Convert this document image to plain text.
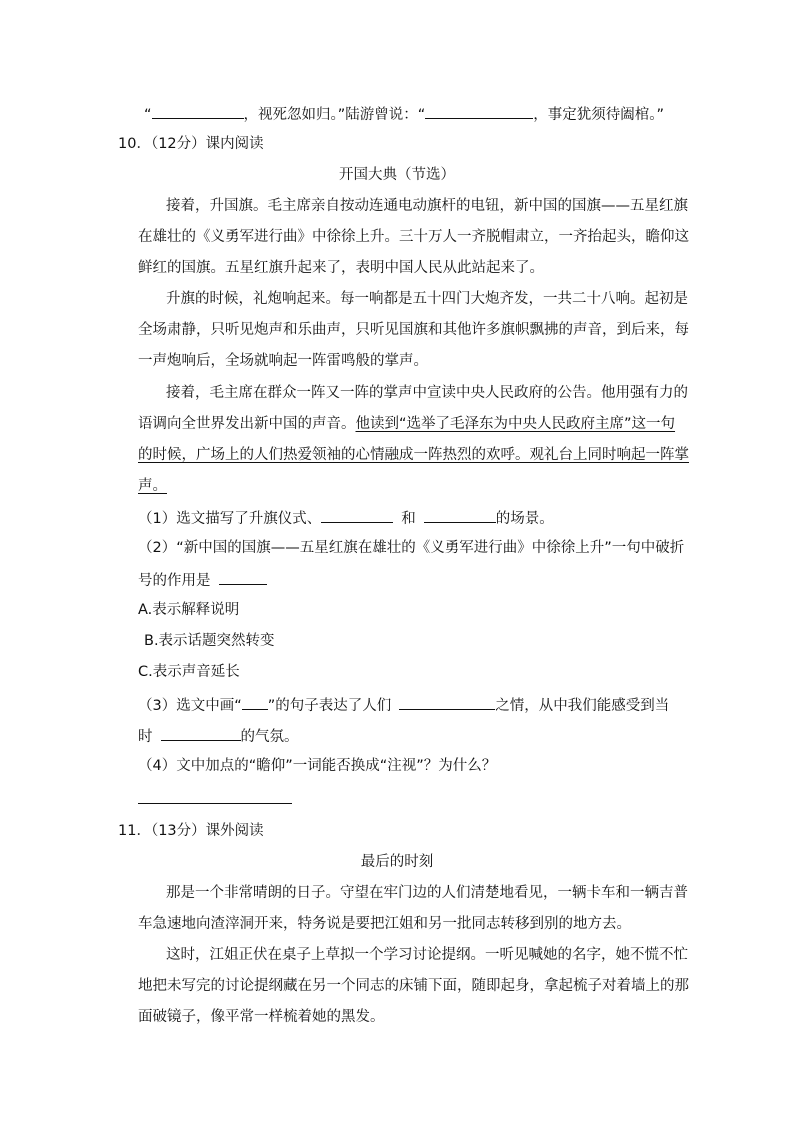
“	，视死忽如归。”陆游曾说：“	，事定犹须待阖棺。”
10．（12分）课内阅读
开国大典（节选）
接着，升国旗。毛主席亲自按动连通电动旗杆的电钮，新中国的国旗——五星红旗
在雄壮的《义勇军进行曲》中徐徐上升。三十万人一齐脱帽肃立，一齐抬起头，瞻仰这
鲜红的国旗。五星红旗升起来了，表明中国人民从此站起来了。
升旗的时候，礼炮响起来。每一响都是五十四门大炮齐发，一共二十八响。起初是
全场肃静，只听见炮声和乐曲声，只听见国旗和其他许多旗帜飘拂的声音，到后来，每
一声炮响后，全场就响起一阵雷鸣般的掌声。
接着，毛主席在群众一阵又一阵的掌声中宣读中央人民政府的公告。他用强有力的
语调向全世界发出新中国的声音。他读到“选举了毛泽东为中央人民政府主席”这一句
的时候，广场上的人们热爱领袖的心情融成一阵热烈的欢呼。观礼台上同时响起一阵掌
声。
（1）选文描写了升旗仪式、	和	的场景。
（2）“新中国的国旗——五星红旗在雄壮的《义勇军进行曲》中徐徐上升”一句中破折
号的作用是
A.表示解释说明
B.表示话题突然转变
C.表示声音延长
（3）选文中画“ ”的句子表达了人们	之情，从中我们能感受到当
时	的气氛。
（4）文中加点的“瞻仰”一词能否换成“注视”？为什么？
11．（13分）课外阅读
最后的时刻
那是一个非常晴朗的日子。守望在牢门边的人们清楚地看见，一辆卡车和一辆吉普
车急速地向渣滓洞开来，特务说是要把江姐和另一批同志转移到别的地方去。
这时，江姐正伏在桌子上草拟一个学习讨论提纲。一听见喊她的名字，她不慌不忙
地把未写完的讨论提纲藏在另一个同志的床铺下面，随即起身，拿起梳子对着墙上的那
面破镜子，像平常一样梳着她的黑发。
